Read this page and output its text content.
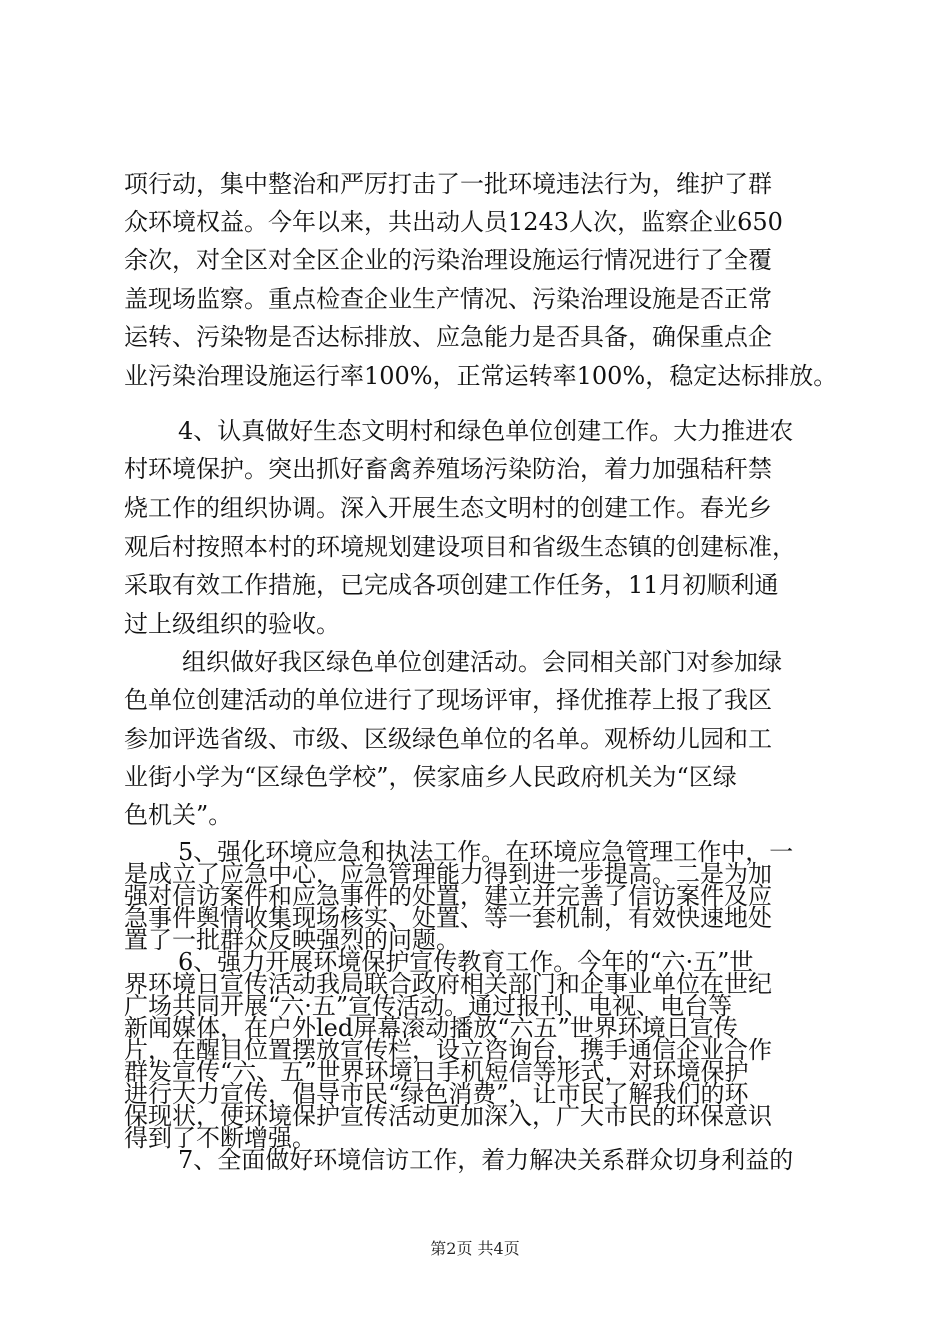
项行动，集中整治和严厉打击了一批环境违法行为，维护了群
众环境权益。今年以来，共出动人员1243人次，监察企业650
余次，对全区对全区企业的污染治理设施运行情况进行了全覆
盖现场监察。重点检查企业生产情况、污染治理设施是否正常
运转、污染物是否达标排放、应急能力是否具备，确保重点企
业污染治理设施运行率100%，正常运转率100%，稳定达标排放。
4、认真做好生态文明村和绿色单位创建工作。大力推进农
村环境保护。突出抓好畜禽养殖场污染防治，着力加强秸秆禁
烧工作的组织协调。深入开展生态文明村的创建工作。春光乡
观后村按照本村的环境规划建设项目和省级生态镇的创建标准，
采取有效工作措施，已完成各项创建工作任务，11月初顺利通
过上级组织的验收。
组织做好我区绿色单位创建活动。会同相关部门对参加绿
色单位创建活动的单位进行了现场评审，择优推荐上报了我区
参加评选省级、市级、区级绿色单位的名单。观桥幼儿园和工
业街小学为“区绿色学校”，侯家庙乡人民政府机关为“区绿
色机关”。
5、强化环境应急和执法工作。在环境应急管理工作中，一
是成立了应急中心，应急管理能力得到进一步提高。二是为加
强对信访案件和应急事件的处置，建立并完善了信访案件及应
急事件舆情收集现场核实、处置、等一套机制，有效快速地处
置了一批群众反映强烈的问题。
6、强力开展环境保护宣传教育工作。今年的“六·五”世
界环境日宣传活动我局联合政府相关部门和企事业单位在世纪
广场共同开展“六·五”宣传活动。通过报刊、电视、电台等
新闻媒体，在户外led屏幕滚动播放“六五”世界环境日宣传
片，在醒目位置摆放宣传栏，设立咨询台，携手通信企业合作
群发宣传“六、五”世界环境日手机短信等形式，对环境保护
进行大力宣传，倡导市民“绿色消费”，让市民了解我们的环
保现状，使环境保护宣传活动更加深入，广大市民的环保意识
得到了不断增强。
7、全面做好环境信访工作，着力解决关系群众切身利益的
第2页 共4页
